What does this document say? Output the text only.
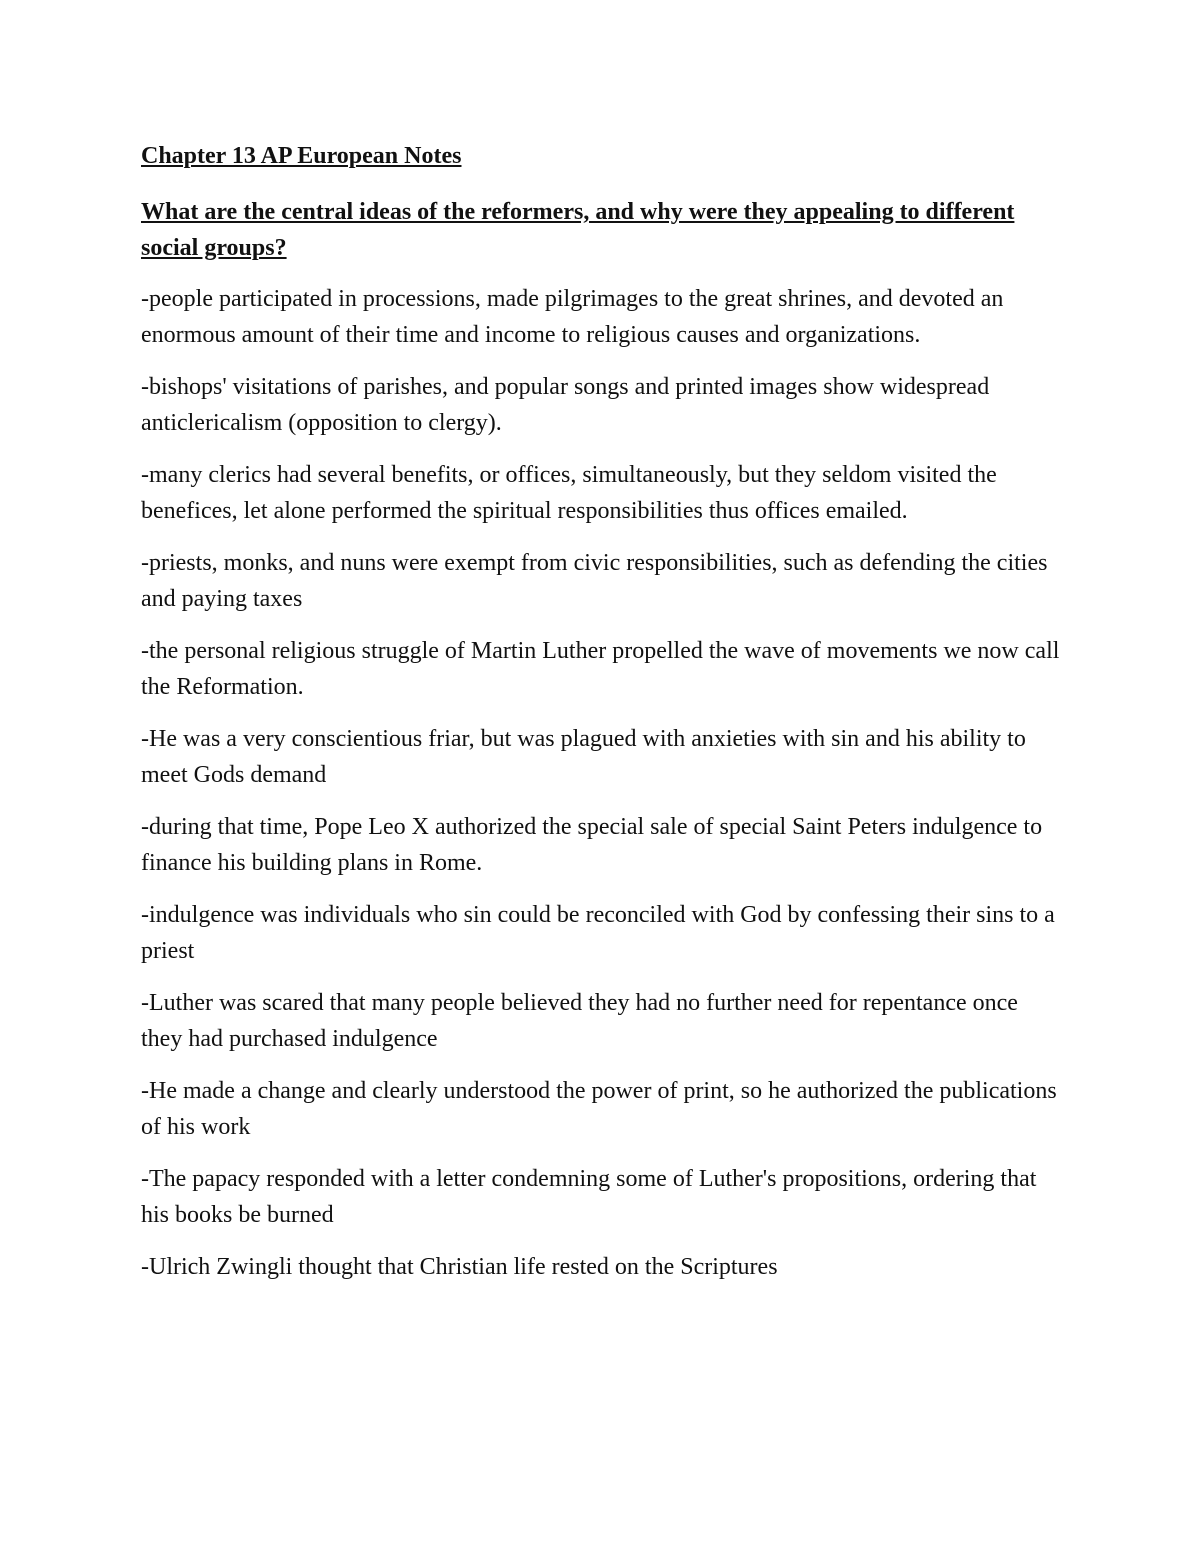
Chapter 13 AP European Notes

What are the central ideas of the reformers, and why were they appealing to different social groups?

-people participated in processions, made pilgrimages to the great shrines, and devoted an enormous amount of their time and income to religious causes and organizations.

-bishops' visitations of parishes, and popular songs and printed images show widespread anticlericalism (opposition to clergy).

-many clerics had several benefits, or offices, simultaneously, but they seldom visited the benefices, let alone performed the spiritual responsibilities thus offices emailed.

-priests, monks, and nuns were exempt from civic responsibilities, such as defending the cities and paying taxes

-the personal religious struggle of Martin Luther propelled the wave of movements we now call the Reformation.

-He was a very conscientious friar, but was plagued with anxieties with sin and his ability to meet Gods demand

-during that time, Pope Leo X authorized the special sale of special Saint Peters indulgence to finance his building plans in Rome.

-indulgence was individuals who sin could be reconciled with God by confessing their sins to a priest

-Luther was scared that many people believed they had no further need for repentance once they had purchased indulgence

-He made a change and clearly understood the power of print, so he authorized the publications of his work

-The papacy responded with a letter condemning some of Luther's propositions, ordering that his books be burned

-Ulrich Zwingli thought that Christian life rested on the Scriptures
